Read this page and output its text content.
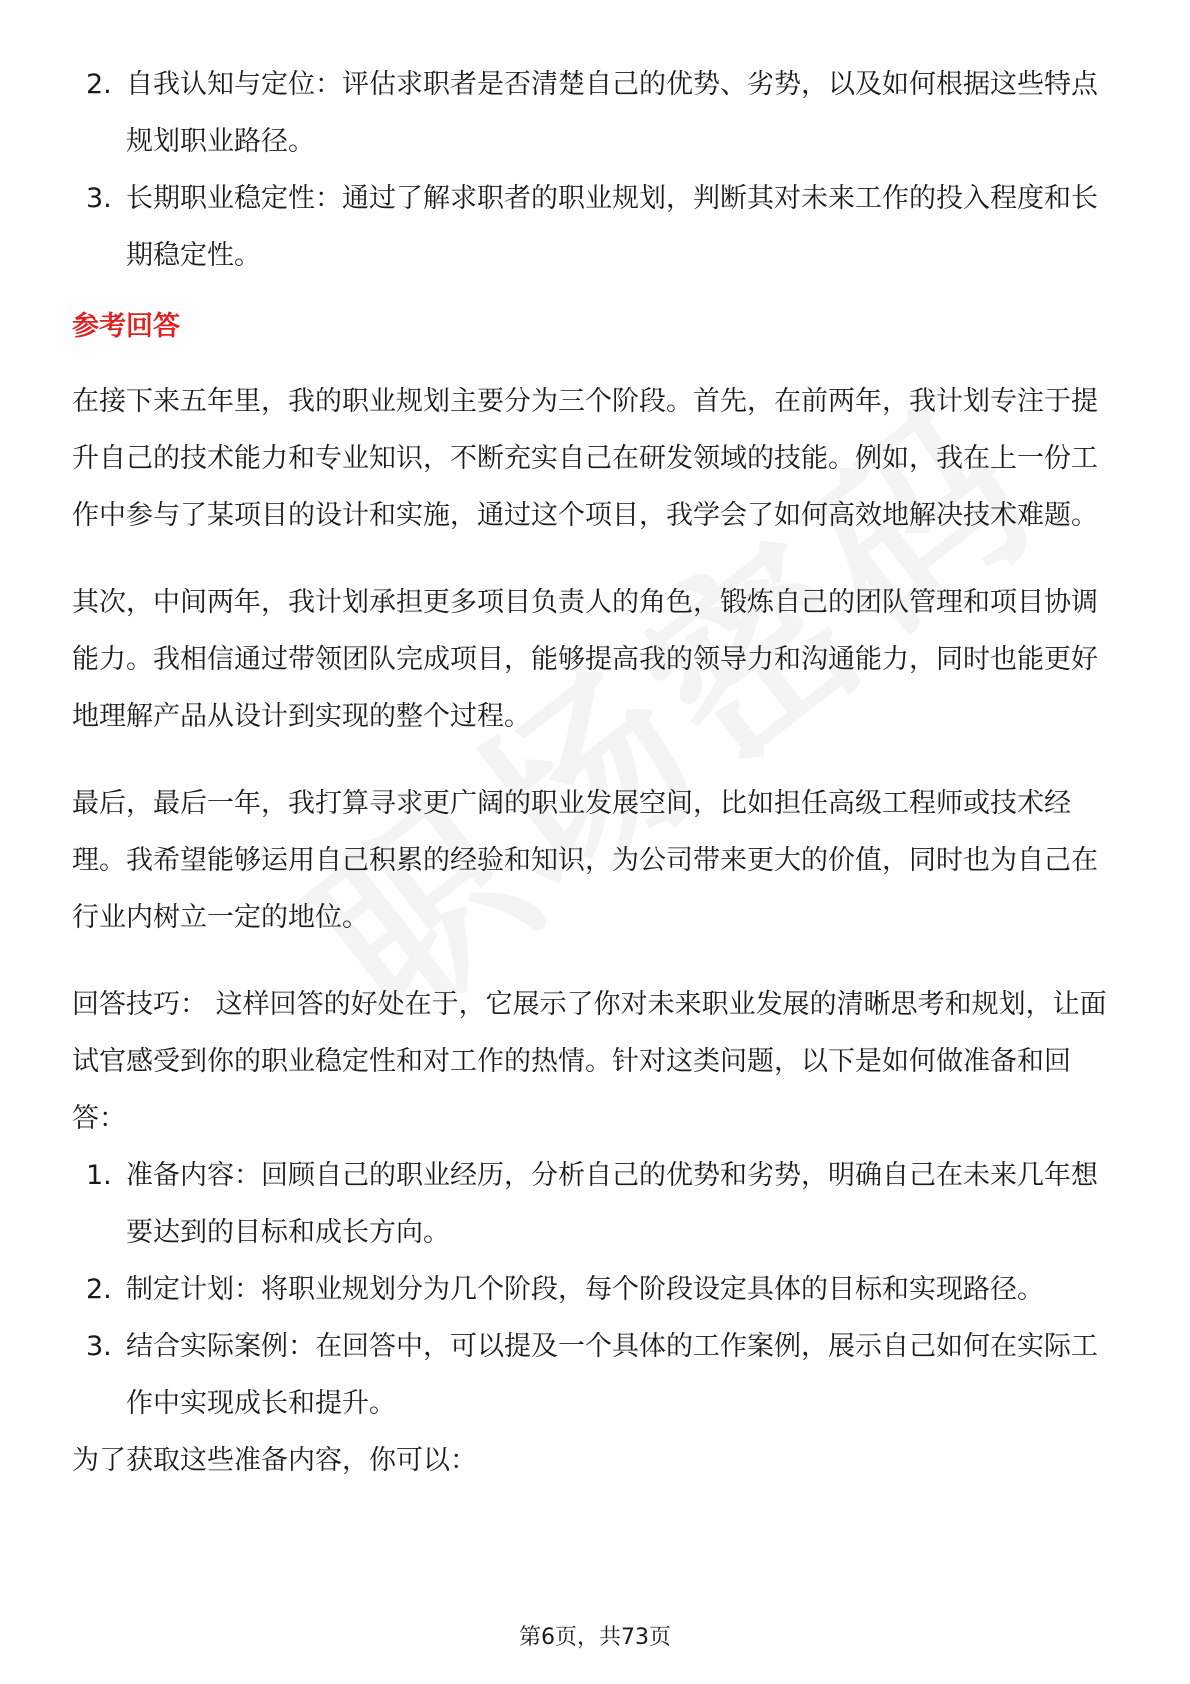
2. 自我认知与定位：评估求职者是否清楚自己的优势、劣势，以及如何根据这些特点规划职业路径。
3. 长期职业稳定性：通过了解求职者的职业规划，判断其对未来工作的投入程度和长期稳定性。
参考回答

在接下来五年里，我的职业规划主要分为三个阶段。首先，在前两年，我计划专注于提升自己的技术能力和专业知识，不断充实自己在研发领域的技能。例如，我在上一份工作中参与了某项目的设计和实施，通过这个项目，我学会了如何高效地解决技术难题。

其次，中间两年，我计划承担更多项目负责人的角色，锻炼自己的团队管理和项目协调能力。我相信通过带领团队完成项目，能够提高我的领导力和沟通能力，同时也能更好地理解产品从设计到实现的整个过程。

最后，最后一年，我打算寻求更广阔的职业发展空间，比如担任高级工程师或技术经理。我希望能够运用自己积累的经验和知识，为公司带来更大的价值，同时也为自己在行业内树立一定的地位。

回答技巧： 这样回答的好处在于，它展示了你对未来职业发展的清晰思考和规划，让面试官感受到你的职业稳定性和对工作的热情。针对这类问题，以下是如何做准备和回答：

1. 准备内容：回顾自己的职业经历，分析自己的优势和劣势，明确自己在未来几年想要达到的目标和成长方向。
2. 制定计划：将职业规划分为几个阶段，每个阶段设定具体的目标和实现路径。
3. 结合实际案例：在回答中，可以提及一个具体的工作案例，展示自己如何在实际工作中实现成长和提升。

为了获取这些准备内容，你可以：

第6页，共73页
